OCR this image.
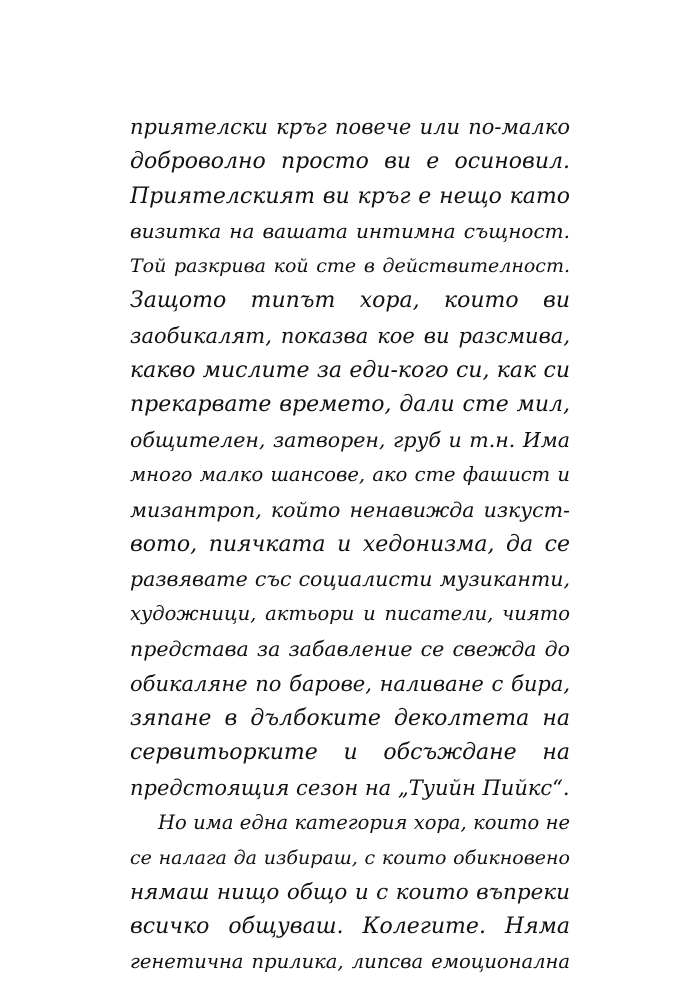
приятелски кръг повече или по-малко
доброволно просто ви е осиновил.
Приятелският ви кръг е нещо като
визитка на вашата интимна същност.
Той разкрива кой сте в действителност.
Защото типът хора, които ви
заобикалят, показва кое ви разсмива,
какво мислите за еди-кого си, как си
прекарвате времето, дали сте мил,
общителен, затворен, груб и т.н. Има
много малко шансове, ако сте фашист и
мизантроп, който ненавижда изкуст-
вото, пиячката и хедонизма, да се
развявате със социалисти музиканти,
художници, актьори и писатели, чиято
представа за забавление се свежда до
обикаляне по барове, наливане с бира,
зяпане в дълбоките деколтета на
сервитьорките и обсъждане на
предстоящия сезон на „Туийн Пийкс“.
Но има една категория хора, които не
се налага да избираш, с които обикновено
нямаш нищо общо и с които въпреки
всичко общуваш. Колегите. Няма
генетична прилика, липсва емоционална
